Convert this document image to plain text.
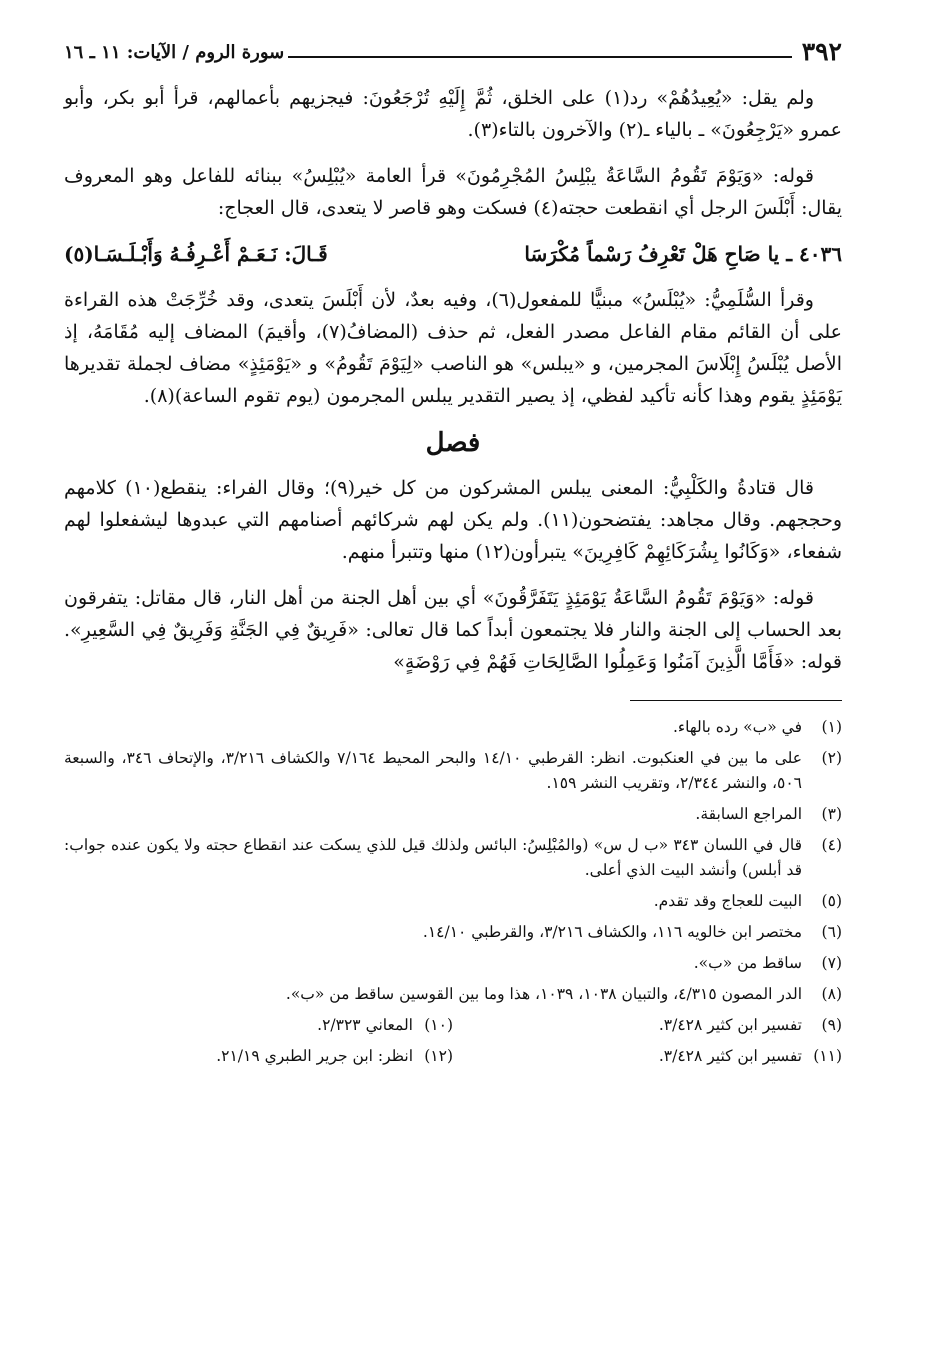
٣٩٢
سورة الروم / الآيات: ١١ ـ ١٦

ولم يقل: «يُعِيدُهُمْ» رد(١) على الخلق، ثُمَّ إِلَيْهِ تُرْجَعُونَ: فيجزيهم بأعمالهم، قرأ أبو بكر، وأبو عمرو «يَرْجِعُونَ» ـ بالياء ـ(٢) والآخرون بالتاء(٣).

قوله: «وَيَوْمَ تَقُومُ السَّاعَةُ يبْلِسُ المُجْرِمُونَ» قرأ العامة «يُبْلِسُ» ببنائه للفاعل وهو المعروف يقال: أَبْلَسَ الرجل أي انقطعت حجته(٤) فسكت وهو قاصر لا يتعدى، قال العجاج:

٤٠٣٦ ـ يا صَاحِ هَلْ تَعْرِفُ رَسْماً مُكْرَسَا
قَـالَ: نَـعَـمْ أَعْـرِفُـهُ وَأَبْـلَـسَـا(٥)

وقرأ السُّلَمِيُّ: «يُبْلَسُ» مبنيًّا للمفعول(٦)، وفيه بعدٌ، لأن أَبْلَسَ يتعدى، وقد خُرِّجَتْ هذه القراءة على أن القائم مقام الفاعل مصدر الفعل، ثم حذف (المضافُ(٧)، وأقيمَ) المضاف إليه مُقَامَهُ، إذ الأصل يُبْلَسُ إِبْلَاسَ المجرمين، و «يبلس» هو الناصب «لِيَوْمَ تَقُومُ» و «يَوْمَئِذٍ» مضاف لجملة تقديرها يَوْمَئِذٍ يقوم وهذا كأنه تأكيد لفظي، إذ يصير التقدير يبلس المجرمون (يوم تقوم الساعة)(٨).

فصل

قال قتادةُ والكَلْبِيُّ: المعنى يبلس المشركون من كل خير(٩)؛ وقال الفراء: ينقطع(١٠) كلامهم وحججهم. وقال مجاهد: يفتضحون(١١). ولم يكن لهم شركائهم أصنامهم التي عبدوها ليشفعلوا لهم شفعاء، «وَكَانُوا بِشُرَكَائِهِمْ كَافِرِينَ» يتبرأون(١٢) منها وتتبرأ منهم.

قوله: «وَيَوْمَ تَقُومُ السَّاعَةُ يَوْمَئِذٍ يَتَفَرَّقُونَ» أي بين أهل الجنة من أهل النار، قال مقاتل: يتفرقون بعد الحساب إلى الجنة والنار فلا يجتمعون أبداً كما قال تعالى: «فَرِيقٌ فِي الجَنَّةِ وَفَرِيقٌ فِي السَّعِيرِ». قوله: «فَأَمَّا الَّذِينَ آمَنُوا وَعَمِلُوا الصَّالِحَاتِ فَهُمْ فِي رَوْضَةٍ»

(١)
في «ب» رده بالهاء.
(٢)
على ما بين في العنكبوت. انظر: القرطبي ١٤/١٠ والبحر المحيط ٧/١٦٤ والكشاف ٣/٢١٦، والإتحاف ٣٤٦، والسبعة ٥٠٦، والنشر ٢/٣٤٤، وتقريب النشر ١٥٩.
(٣)
المراجع السابقة.
(٤)
قال في اللسان ٣٤٣ «ب ل س» (والمُبْلِسُ: البائس ولذلك قيل للذي يسكت عند انقطاع حجته ولا يكون عنده جواب: قد أبلس) وأنشد البيت الذي أعلى.
(٥)
البيت للعجاج وقد تقدم.
(٦)
مختصر ابن خالويه ١١٦، والكشاف ٣/٢١٦، والقرطبي ١٤/١٠.
(٧)
ساقط من «ب».
(٨)
الدر المصون ٤/٣١٥، والتبيان ١٠٣٨، ١٠٣٩، هذا وما بين القوسين ساقط من «ب».
(٩)
تفسير ابن كثير ٣/٤٢٨.
(١٠)
المعاني ٢/٣٢٣.
(١١)
تفسير ابن كثير ٣/٤٢٨.
(١٢)
انظر: ابن جرير الطبري ٢١/١٩.
